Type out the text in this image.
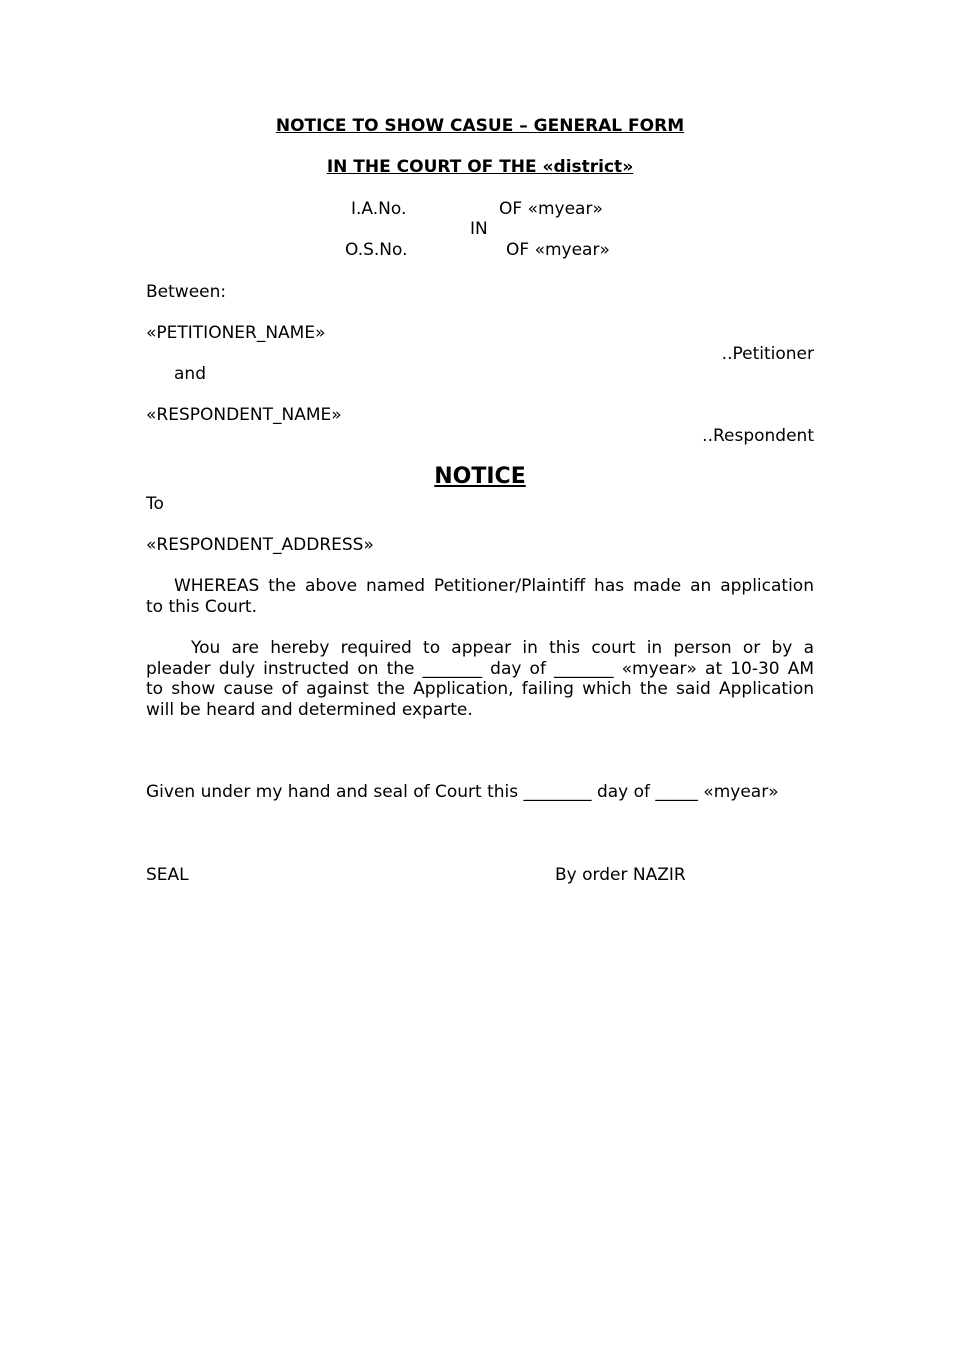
NOTICE TO SHOW CASUE – GENERAL FORM
IN THE COURT OF THE «district»
I.A.No.	OF «myear»
IN
O.S.No.	OF «myear»
Between:
«PETITIONER_NAME»
..Petitioner
and
«RESPONDENT_NAME»
..Respondent
NOTICE
To
«RESPONDENT_ADDRESS»
WHEREAS the above named Petitioner/Plaintiff has made an application
to this Court.
You are hereby required to appear in this court in person or by a
pleader duly instructed on the _______ day of _______ «myear» at 10-30 AM
to show cause of against the Application, failing which the said Application
will be heard and determined exparte.
Given under my hand and seal of Court this ________ day of _____ «myear»
SEAL	By order NAZIR
